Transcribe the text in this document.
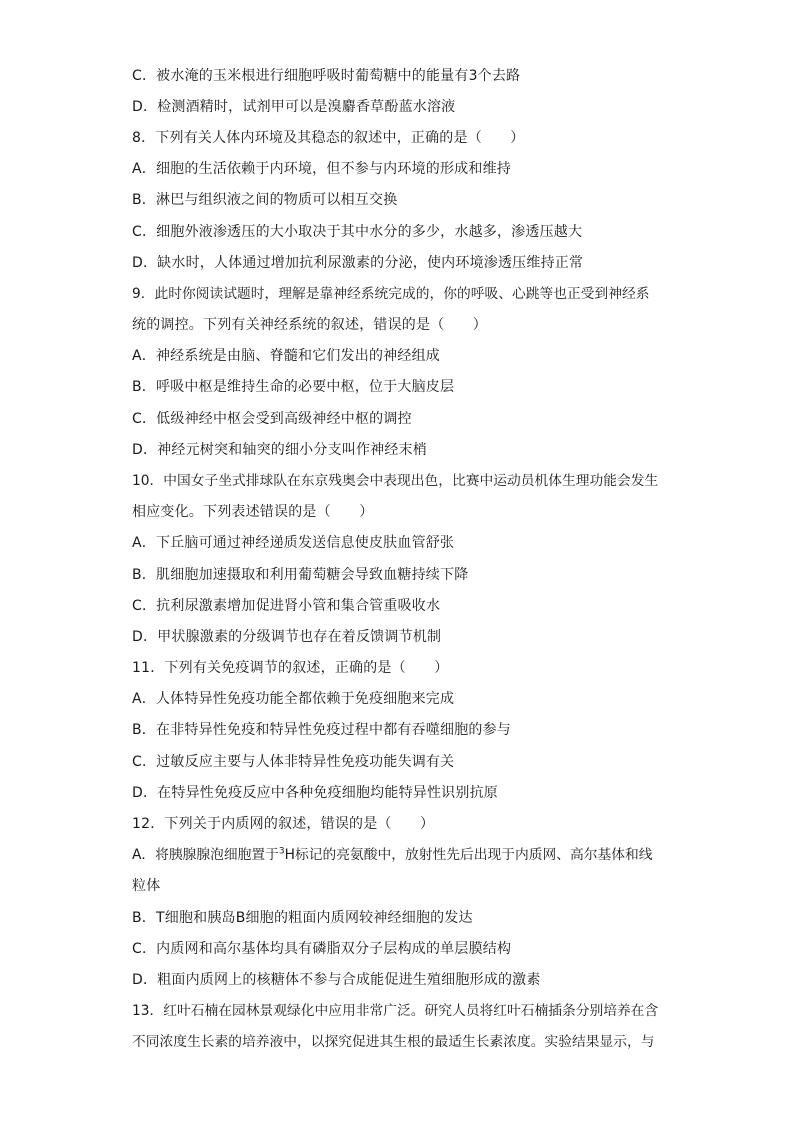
C．被水淹的玉米根进行细胞呼吸时葡萄糖中的能量有3个去路
D．检测酒精时，试剂甲可以是溴麝香草酚蓝水溶液
8．下列有关人体内环境及其稳态的叙述中，正确的是（　　）
A．细胞的生活依赖于内环境，但不参与内环境的形成和维持
B．淋巴与组织液之间的物质可以相互交换
C．细胞外液渗透压的大小取决于其中水分的多少，水越多，渗透压越大
D．缺水时，人体通过增加抗利尿激素的分泌，使内环境渗透压维持正常
9．此时你阅读试题时，理解是靠神经系统完成的，你的呼吸、心跳等也正受到神经系
统的调控。下列有关神经系统的叙述，错误的是（　　）
A．神经系统是由脑、脊髓和它们发出的神经组成
B．呼吸中枢是维持生命的必要中枢，位于大脑皮层
C．低级神经中枢会受到高级神经中枢的调控
D．神经元树突和轴突的细小分支叫作神经末梢
10．中国女子坐式排球队在东京残奥会中表现出色，比赛中运动员机体生理功能会发生
相应变化。下列表述错误的是（　　）
A．下丘脑可通过神经递质发送信息使皮肤血管舒张
B．肌细胞加速摄取和利用葡萄糖会导致血糖持续下降
C．抗利尿激素增加促进肾小管和集合管重吸收水
D．甲状腺激素的分级调节也存在着反馈调节机制
11．下列有关免疫调节的叙述，正确的是（　　）
A．人体特异性免疫功能全都依赖于免疫细胞来完成
B．在非特异性免疫和特异性免疫过程中都有吞噬细胞的参与
C．过敏反应主要与人体非特异性免疫功能失调有关
D．在特异性免疫反应中各种免疫细胞均能特异性识别抗原
12．下列关于内质网的叙述，错误的是（　　）
A．将胰腺腺泡细胞置于$^3$H标记的亮氨酸中，放射性先后出现于内质网、高尔基体和线
粒体
B．T细胞和胰岛B细胞的粗面内质网较神经细胞的发达
C．内质网和高尔基体均具有磷脂双分子层构成的单层膜结构
D．粗面内质网上的核糖体不参与合成能促进生殖细胞形成的激素
13．红叶石楠在园林景观绿化中应用非常广泛。研究人员将红叶石楠插条分别培养在含
不同浓度生长素的培养液中，以探究促进其生根的最适生长素浓度。实验结果显示，与
